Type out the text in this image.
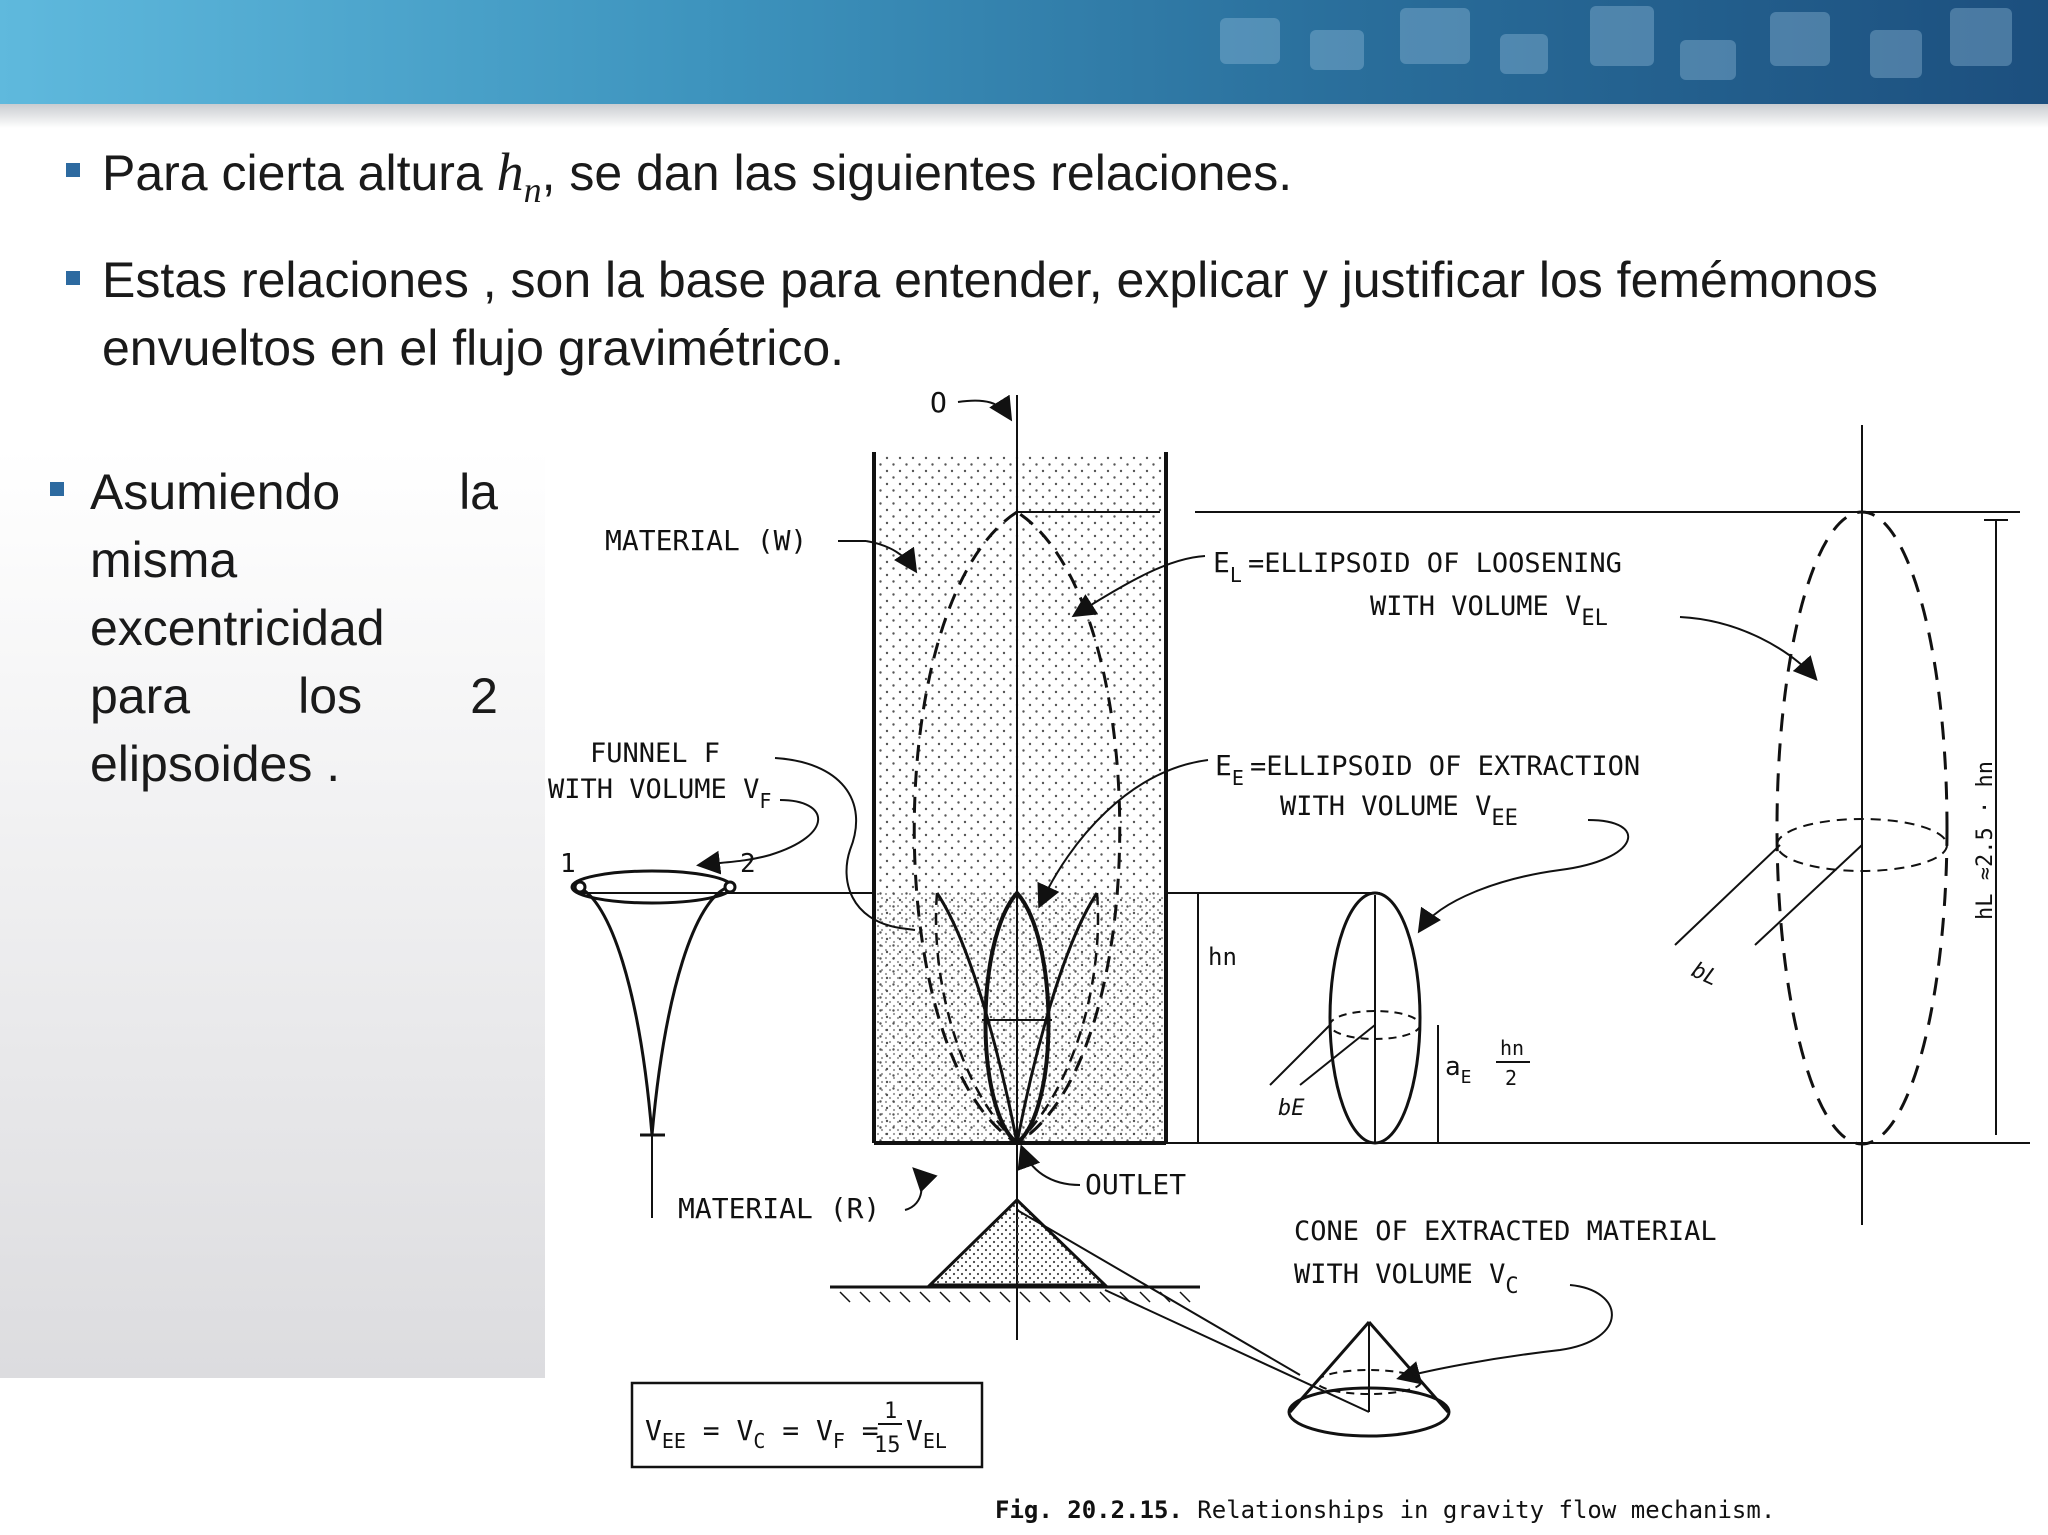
Para cierta altura $h_n$, se dan las siguientes relaciones.
Estas relaciones , son la base para entender, explicar y justificar los femémonos envueltos en el flujo gravimétrico.
Asumiendo la misma excentricidad para los 2 elipsoides .
O
MATERIAL (W)
$E_L$ =ELLIPSOID OF LOOSENING
WITH VOLUME $V_{EL}$
FUNNEL F
WITH VOLUME $V_F$
$E_E$ =ELLIPSOID OF EXTRACTION
WITH VOLUME $V_{EE}$
1	2
hn
bE
$a_E$
hn
2
bL
hL ≈2.5 · hn
OUTLET
MATERIAL (R)
CONE OF EXTRACTED MATERIAL
WITH VOLUME $V_C$
$V_{EE} = V_C = V_F$ =
1
15 $V_{EL}$
Fig. 20.2.15. Relationships in gravity flow mechanism.
